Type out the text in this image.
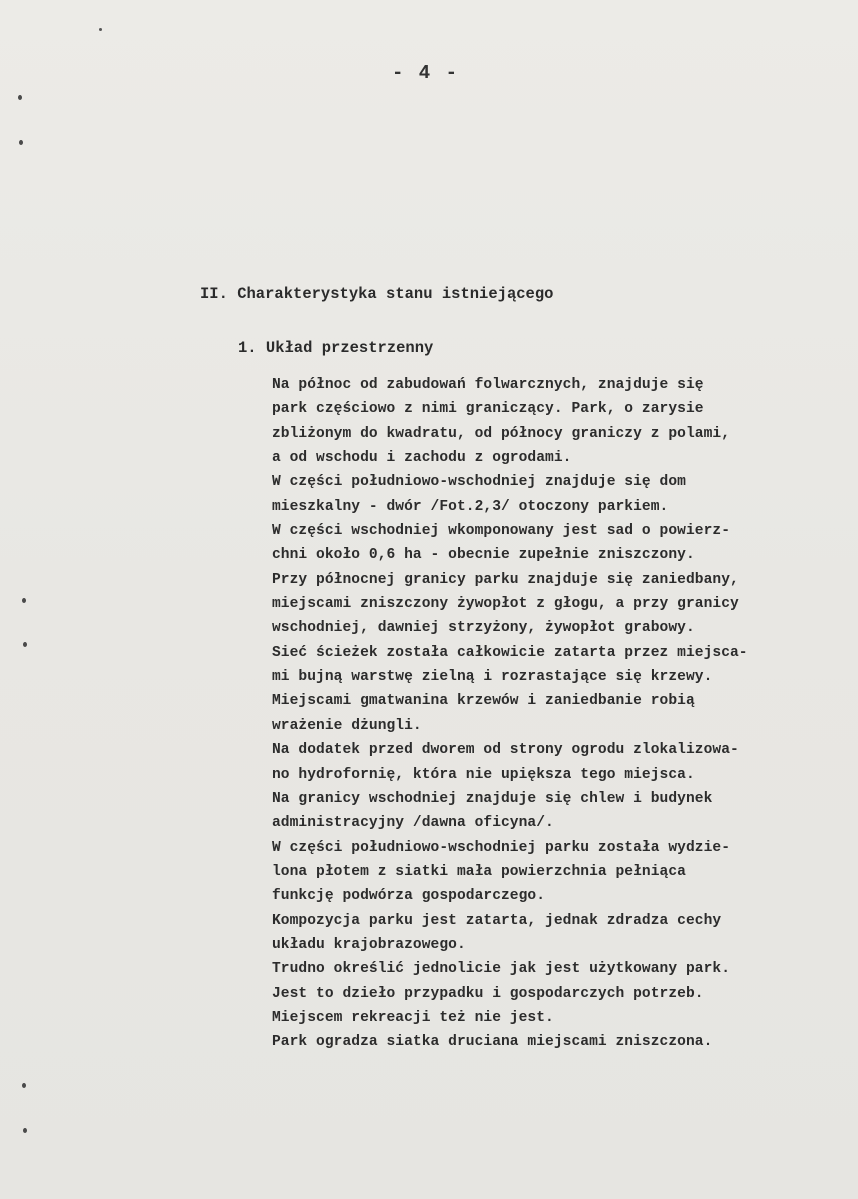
- 4 -
II. Charakterystyka stanu istniejącego
1. Układ przestrzenny
Na północ od zabudowań folwarcznych, znajduje się
park częściowo z nimi graniczący. Park, o zarysie
zbliżonym do kwadratu, od północy graniczy z polami,
a od wschodu i zachodu z ogrodami.
W części południowo-wschodniej znajduje się dom
mieszkalny - dwór /Fot.2,3/ otoczony parkiem.
W części wschodniej wkomponowany jest sad o powierz-
chni około 0,6 ha - obecnie zupełnie zniszczony.
Przy północnej granicy parku znajduje się zaniedbany,
miejscami zniszczony żywopłot z głogu, a przy granicy
wschodniej, dawniej strzyżony, żywopłot grabowy.
Sieć ścieżek została całkowicie zatarta przez miejsca-
mi bujną warstwę zielną i rozrastające się krzewy.
Miejscami gmatwanina krzewów i zaniedbanie robią
wrażenie dżungli.
Na dodatek przed dworem od strony ogrodu zlokalizowa-
no hydrofornię, która nie upiększa tego miejsca.
Na granicy wschodniej znajduje się chlew i budynek
administracyjny /dawna oficyna/.
W części południowo-wschodniej parku została wydzie-
lona płotem z siatki mała powierzchnia pełniąca
funkcję podwórza gospodarczego.
Kompozycja parku jest zatarta, jednak zdradza cechy
układu krajobrazowego.
Trudno określić jednolicie jak jest użytkowany park.
Jest to dzieło przypadku i gospodarczych potrzeb.
Miejscem rekreacji też nie jest.
Park ogradza siatka druciana miejscami zniszczona.
